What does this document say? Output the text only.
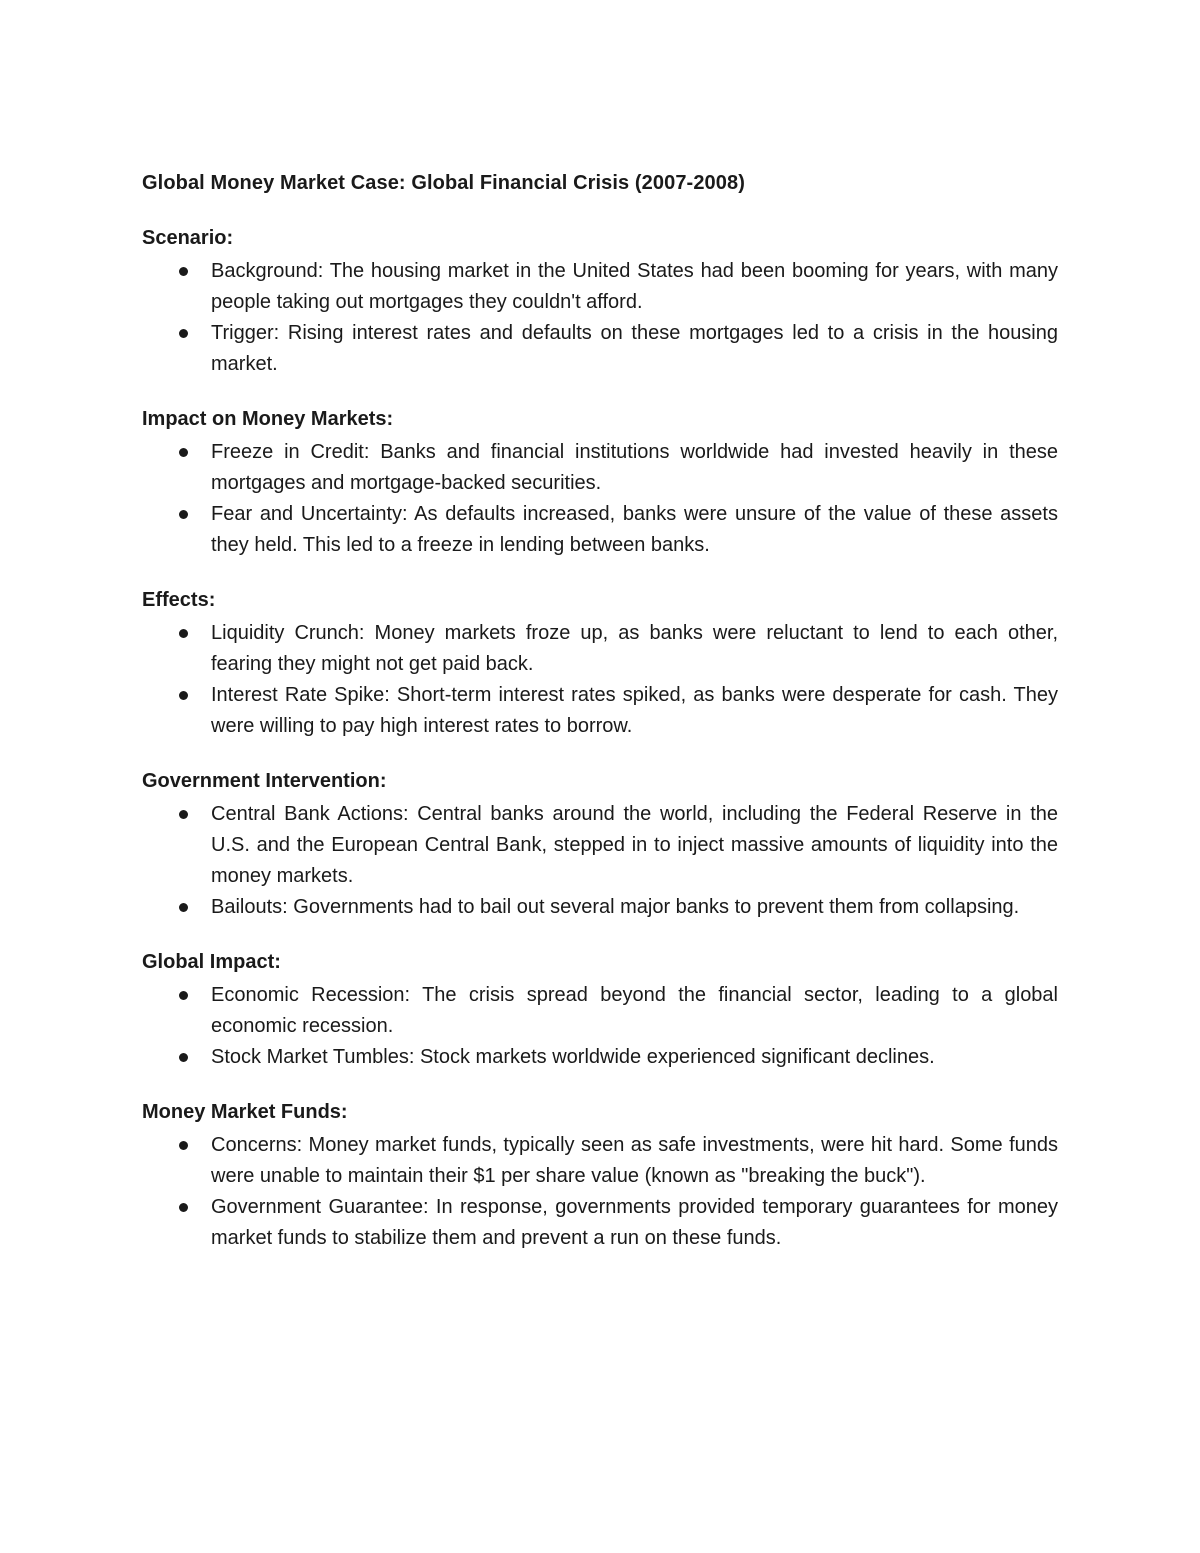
Global Money Market Case: Global Financial Crisis (2007-2008)
Scenario:
Background: The housing market in the United States had been booming for years, with many people taking out mortgages they couldn't afford.
Trigger: Rising interest rates and defaults on these mortgages led to a crisis in the housing market.
Impact on Money Markets:
Freeze in Credit: Banks and financial institutions worldwide had invested heavily in these mortgages and mortgage-backed securities.
Fear and Uncertainty: As defaults increased, banks were unsure of the value of these assets they held. This led to a freeze in lending between banks.
Effects:
Liquidity Crunch: Money markets froze up, as banks were reluctant to lend to each other, fearing they might not get paid back.
Interest Rate Spike: Short-term interest rates spiked, as banks were desperate for cash. They were willing to pay high interest rates to borrow.
Government Intervention:
Central Bank Actions: Central banks around the world, including the Federal Reserve in the U.S. and the European Central Bank, stepped in to inject massive amounts of liquidity into the money markets.
Bailouts: Governments had to bail out several major banks to prevent them from collapsing.
Global Impact:
Economic Recession: The crisis spread beyond the financial sector, leading to a global economic recession.
Stock Market Tumbles: Stock markets worldwide experienced significant declines.
Money Market Funds:
Concerns: Money market funds, typically seen as safe investments, were hit hard. Some funds were unable to maintain their $1 per share value (known as "breaking the buck").
Government Guarantee: In response, governments provided temporary guarantees for money market funds to stabilize them and prevent a run on these funds.
